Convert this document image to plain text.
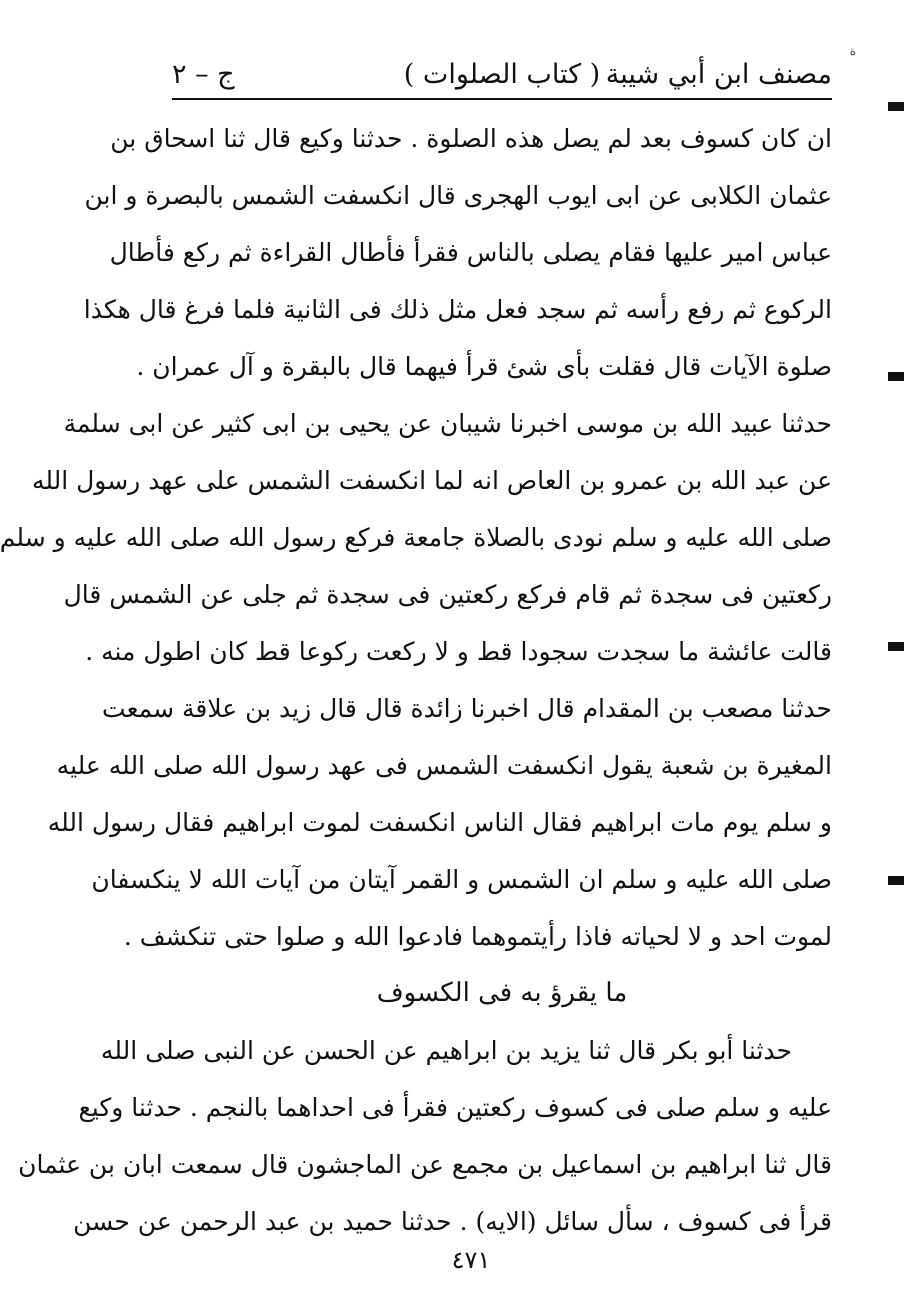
ﺓ
مصنف ابن أبي شيبة
( كتاب الصلوات )
ج – ٢
ان كان كسوف بعد لم يصل هذه الصلوة . حدثنا وكيع قال ثنا اسحاق بن
عثمان الكلابى عن ابى ايوب الهجرى قال انكسفت الشمس بالبصرة و ابن
عباس امير عليها فقام يصلى بالناس فقرأ فأطال القراءة ثم ركع فأطال
الركوع ثم رفع رأسه ثم سجد فعل مثل ذلك فى الثانية فلما فرغ قال هكذا
صلوة الآيات قال فقلت بأى شئ قرأ فيهما قال بالبقرة و آل عمران .
حدثنا عبيد الله بن موسى اخبرنا شيبان عن يحيى بن ابى كثير عن ابى سلمة
عن عبد الله بن عمرو بن العاص انه لما انكسفت الشمس على عهد رسول الله
صلى الله عليه و سلم نودى بالصلاة جامعة فركع رسول الله صلى الله عليه و سلم
ركعتين فى سجدة ثم قام فركع ركعتين فى سجدة ثم جلى عن الشمس قال
قالت عائشة ما سجدت سجودا قط و لا ركعت ركوعا قط كان اطول منه .
حدثنا مصعب بن المقدام قال اخبرنا زائدة قال قال زيد بن علاقة سمعت
المغيرة بن شعبة يقول انكسفت الشمس فى عهد رسول الله صلى الله عليه
و سلم يوم مات ابراهيم فقال الناس انكسفت لموت ابراهيم فقال رسول الله
صلى الله عليه و سلم ان الشمس و القمر آيتان من آيات الله لا ينكسفان
لموت احد و لا لحياته فاذا رأيتموهما فادعوا الله و صلوا حتى تنكشف .
ما يقرؤ به فى الكسوف
حدثنا أبو بكر قال ثنا يزيد بن ابراهيم عن الحسن عن النبى صلى الله
عليه و سلم صلى فى كسوف ركعتين فقرأ فى احداهما بالنجم . حدثنا وكيع
قال ثنا ابراهيم بن اسماعيل بن مجمع عن الماجشون قال سمعت ابان بن عثمان
قرأ فى كسوف ، سأل سائل (الايه) . حدثنا حميد بن عبد الرحمن عن حسن
٤٧١
